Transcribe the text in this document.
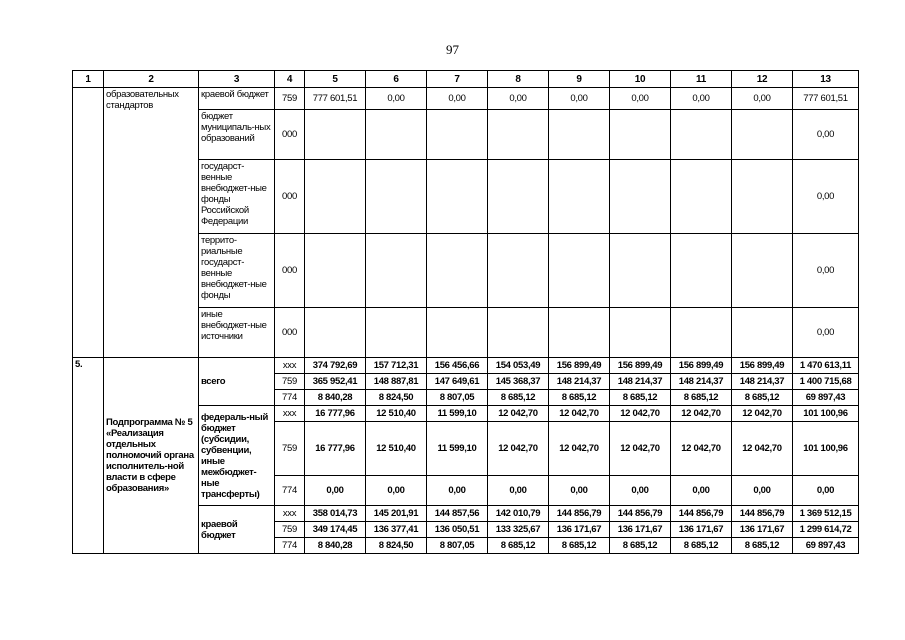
97
1	2	3	4	5	6	7	8	9	10	11	12	13
	образовательных стандартов	краевой бюджет	759	777 601,51	0,00	0,00	0,00	0,00	0,00	0,00	0,00	777 601,51
		бюджет муниципаль-ных образований	000									0,00
		государст-венные внебюджет-ные фонды Российской Федерации	000									0,00
		террито-риальные государст-венные внебюджет-ные фонды	000									0,00
		иные внебюджет-ные источники	000									0,00
5.	Подпрограмма № 5 «Реализация отдельных полномочий органа исполнитель-ной власти в сфере образования»	всего	ххх	374 792,69	157 712,31	156 456,66	154 053,49	156 899,49	156 899,49	156 899,49	156 899,49	1 470 613,11
			759	365 952,41	148 887,81	147 649,61	145 368,37	148 214,37	148 214,37	148 214,37	148 214,37	1 400 715,68
			774	8 840,28	8 824,50	8 807,05	8 685,12	8 685,12	8 685,12	8 685,12	8 685,12	69 897,43
		федераль-ный бюджет (субсидии, субвенции, иные межбюджет-ные трансферты)	ххх	16 777,96	12 510,40	11 599,10	12 042,70	12 042,70	12 042,70	12 042,70	12 042,70	101 100,96
			759	16 777,96	12 510,40	11 599,10	12 042,70	12 042,70	12 042,70	12 042,70	12 042,70	101 100,96
			774	0,00	0,00	0,00	0,00	0,00	0,00	0,00	0,00	0,00
		краевой бюджет	ххх	358 014,73	145 201,91	144 857,56	142 010,79	144 856,79	144 856,79	144 856,79	144 856,79	1 369 512,15
			759	349 174,45	136 377,41	136 050,51	133 325,67	136 171,67	136 171,67	136 171,67	136 171,67	1 299 614,72
			774	8 840,28	8 824,50	8 807,05	8 685,12	8 685,12	8 685,12	8 685,12	8 685,12	69 897,43
